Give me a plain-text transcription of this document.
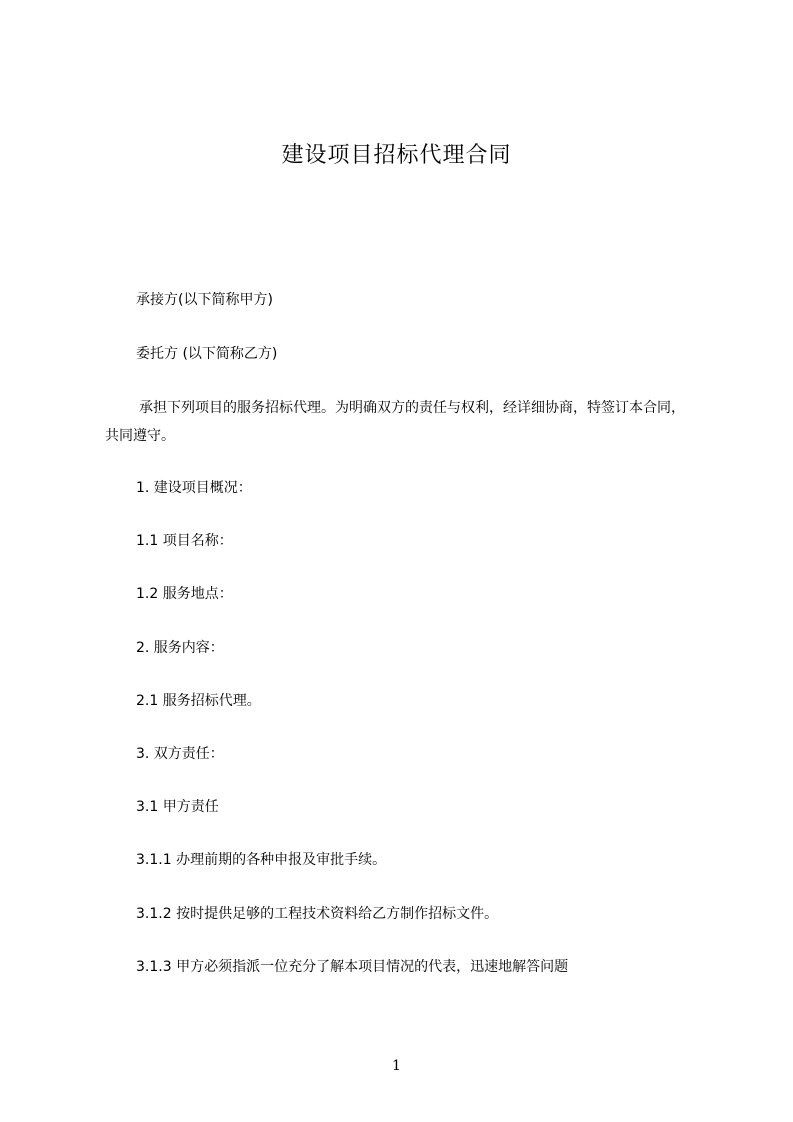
建设项目招标代理合同
承接方(以下简称甲方)
委托方 (以下简称乙方)
承担下列项目的服务招标代理。为明确双方的责任与权利，经详细协商，特签订本合同，共同遵守。
1. 建设项目概况：
1.1 项目名称：
1.2 服务地点：
2. 服务内容：
2.1 服务招标代理。
3. 双方责任：
3.1 甲方责任
3.1.1 办理前期的各种申报及审批手续。
3.1.2 按时提供足够的工程技术资料给乙方制作招标文件。
3.1.3 甲方必须指派一位充分了解本项目情况的代表，迅速地解答问题
1
